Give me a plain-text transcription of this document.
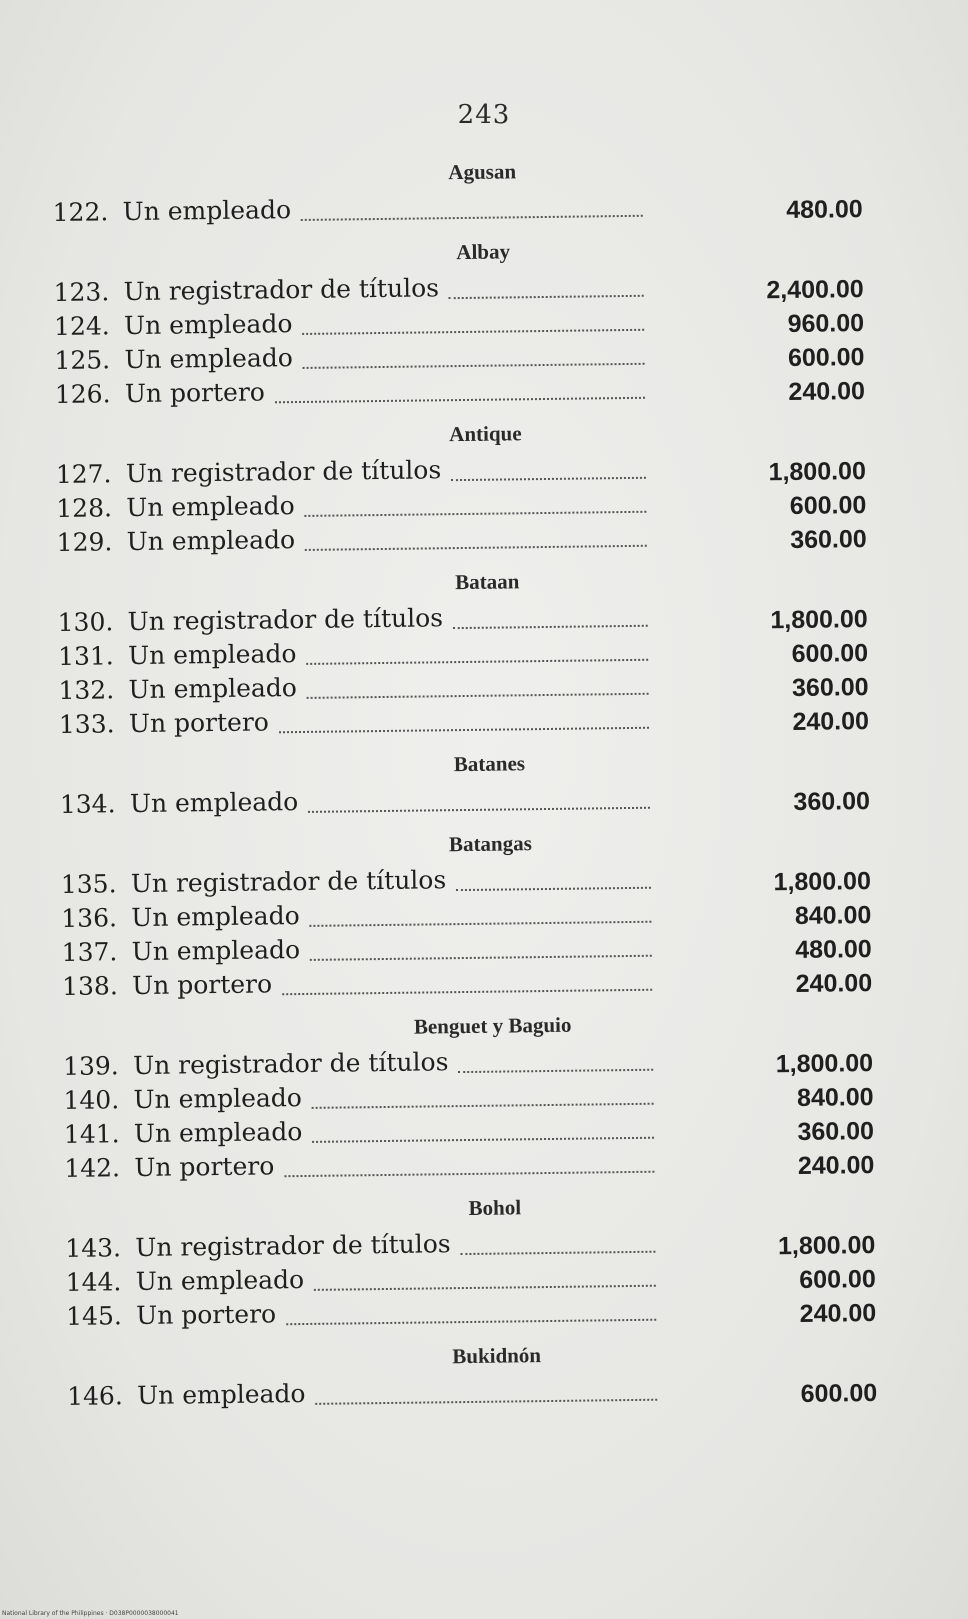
243
Agusan
122. Un empleado	480.00
Albay
123. Un registrador de títulos	2,400.00
124. Un empleado	960.00
125. Un empleado	600.00
126. Un portero	240.00
Antique
127. Un registrador de títulos	1,800.00
128. Un empleado	600.00
129. Un empleado	360.00
Bataan
130. Un registrador de títulos	1,800.00
131. Un empleado	600.00
132. Un empleado	360.00
133. Un portero	240.00
Batanes
134. Un empleado	360.00
Batangas
135. Un registrador de títulos	1,800.00
136. Un empleado	840.00
137. Un empleado	480.00
138. Un portero	240.00
Benguet y Baguio
139. Un registrador de títulos	1,800.00
140. Un empleado	840.00
141. Un empleado	360.00
142. Un portero	240.00
Bohol
143. Un registrador de títulos	1,800.00
144. Un empleado	600.00
145. Un portero	240.00
Bukidnón
146. Un empleado	600.00
National Library of the Philippines · D038P0000038000041
